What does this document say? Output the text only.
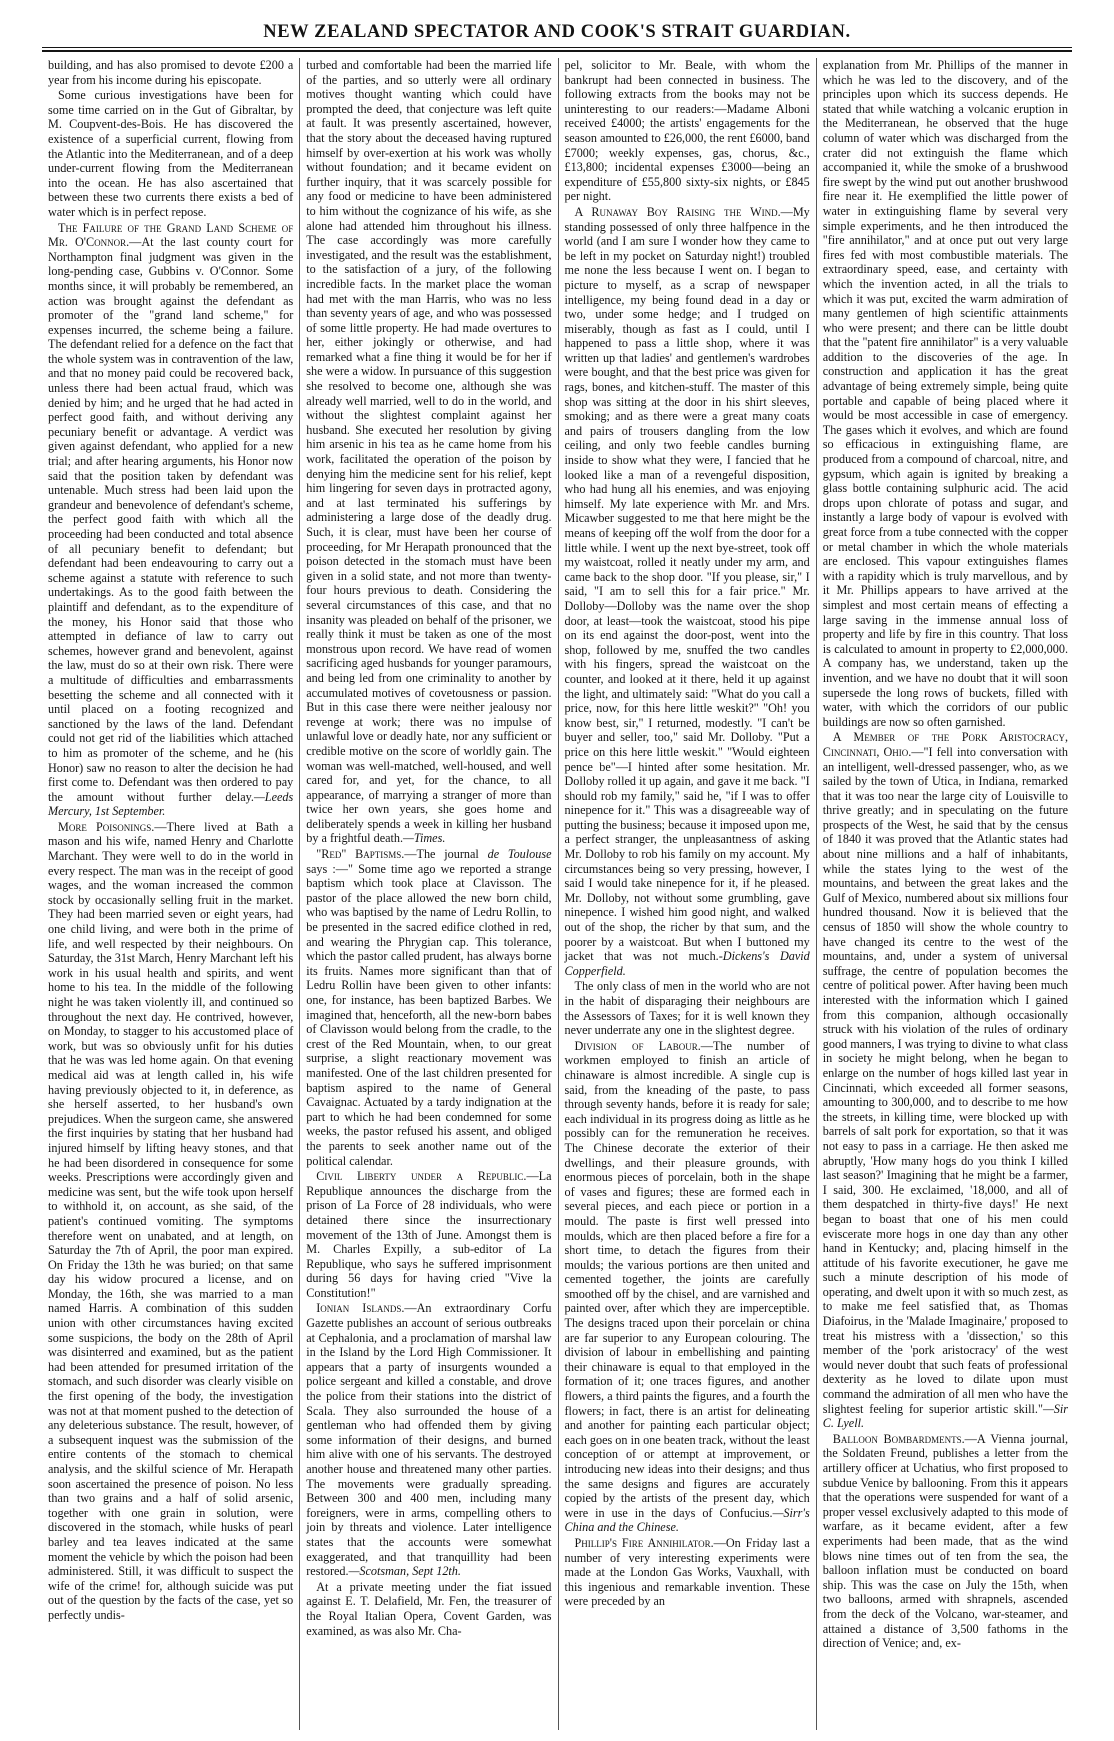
NEW ZEALAND SPECTATOR AND COOK'S STRAIT GUARDIAN.

building, and has also promised to devote £200 a year from his income during his episcopate.

Some curious investigations have been for some time carried on in the Gut of Gibraltar, by M. Coupvent-des-Bois. He has discovered the existence of a superficial current, flowing from the Atlantic into the Mediterranean, and of a deep under-current flowing from the Mediterranean into the ocean. He has also ascertained that between these two currents there exists a bed of water which is in perfect repose.

The Failure of the Grand Land Scheme of Mr. O'Connor.—At the last county court for Northampton final judgment was given in the long-pending case, Gubbins v. O'Connor. Some months since, it will probably be remembered, an action was brought against the defendant as promoter of the "grand land scheme," for expenses incurred, the scheme being a failure. The defendant relied for a defence on the fact that the whole system was in contravention of the law, and that no money paid could be recovered back, unless there had been actual fraud, which was denied by him; and he urged that he had acted in perfect good faith, and without deriving any pecuniary benefit or advantage. A verdict was given against defendant, who applied for a new trial; and after hearing arguments, his Honor now said that the position taken by defendant was untenable. Much stress had been laid upon the grandeur and benevolence of defendant's scheme, the perfect good faith with which all the proceeding had been conducted and total absence of all pecuniary benefit to defendant; but defendant had been endeavouring to carry out a scheme against a statute with reference to such undertakings. As to the good faith between the plaintiff and defendant, as to the expenditure of the money, his Honor said that those who attempted in defiance of law to carry out schemes, however grand and benevolent, against the law, must do so at their own risk. There were a multitude of difficulties and embarrassments besetting the scheme and all connected with it until placed on a footing recognized and sanctioned by the laws of the land. Defendant could not get rid of the liabilities which attached to him as promoter of the scheme, and he (his Honor) saw no reason to alter the decision he had first come to. Defendant was then ordered to pay the amount without further delay.—Leeds Mercury, 1st September.

More Poisonings.—There lived at Bath a mason and his wife, named Henry and Charlotte Marchant. They were well to do in the world in every respect. The man was in the receipt of good wages, and the woman increased the common stock by occasionally selling fruit in the market. They had been married seven or eight years, had one child living, and were both in the prime of life, and well respected by their neighbours. On Saturday, the 31st March, Henry Marchant left his work in his usual health and spirits, and went home to his tea. In the middle of the following night he was taken violently ill, and continued so throughout the next day. He contrived, however, on Monday, to stagger to his accustomed place of work, but was so obviously unfit for his duties that he was was led home again. On that evening medical aid was at length called in, his wife having previously objected to it, in deference, as she herself asserted, to her husband's own prejudices. When the surgeon came, she answered the first inquiries by stating that her husband had injured himself by lifting heavy stones, and that he had been disordered in consequence for some weeks. Prescriptions were accordingly given and medicine was sent, but the wife took upon herself to withhold it, on account, as she said, of the patient's continued vomiting. The symptoms therefore went on unabated, and at length, on Saturday the 7th of April, the poor man expired. On Friday the 13th he was buried; on that same day his widow procured a license, and on Monday, the 16th, she was married to a man named Harris. A combination of this sudden union with other circumstances having excited some suspicions, the body on the 28th of April was disinterred and examined, but as the patient had been attended for presumed irritation of the stomach, and such disorder was clearly visible on the first opening of the body, the investigation was not at that moment pushed to the detection of any deleterious substance. The result, however, of a subsequent inquest was the submission of the entire contents of the stomach to chemical analysis, and the skilful science of Mr. Herapath soon ascertained the presence of poison. No less than two grains and a half of solid arsenic, together with one grain in solution, were discovered in the stomach, while husks of pearl barley and tea leaves indicated at the same moment the vehicle by which the poison had been administered. Still, it was difficult to suspect the wife of the crime! for, although suicide was put out of the question by the facts of the case, yet so perfectly undis-

turbed and comfortable had been the married life of the parties, and so utterly were all ordinary motives thought wanting which could have prompted the deed, that conjecture was left quite at fault. It was presently ascertained, however, that the story about the deceased having ruptured himself by over-exertion at his work was wholly without foundation; and it became evident on further inquiry, that it was scarcely possible for any food or medicine to have been administered to him without the cognizance of his wife, as she alone had attended him throughout his illness. The case accordingly was more carefully investigated, and the result was the establishment, to the satisfaction of a jury, of the following incredible facts. In the market place the woman had met with the man Harris, who was no less than seventy years of age, and who was possessed of some little property. He had made overtures to her, either jokingly or otherwise, and had remarked what a fine thing it would be for her if she were a widow. In pursuance of this suggestion she resolved to become one, although she was already well married, well to do in the world, and without the slightest complaint against her husband. She executed her resolution by giving him arsenic in his tea as he came home from his work, facilitated the operation of the poison by denying him the medicine sent for his relief, kept him lingering for seven days in protracted agony, and at last terminated his sufferings by administering a large dose of the deadly drug. Such, it is clear, must have been her course of proceeding, for Mr Herapath pronounced that the poison detected in the stomach must have been given in a solid state, and not more than twenty-four hours previous to death. Considering the several circumstances of this case, and that no insanity was pleaded on behalf of the prisoner, we really think it must be taken as one of the most monstrous upon record. We have read of women sacrificing aged husbands for younger paramours, and being led from one criminality to another by accumulated motives of covetousness or passion. But in this case there were neither jealousy nor revenge at work; there was no impulse of unlawful love or deadly hate, nor any sufficient or credible motive on the score of worldly gain. The woman was well-matched, well-housed, and well cared for, and yet, for the chance, to all appearance, of marrying a stranger of more than twice her own years, she goes home and deliberately spends a week in killing her husband by a frightful death.—Times.

"Red" Baptisms.—The journal de Toulouse says :—" Some time ago we reported a strange baptism which took place at Clavisson. The pastor of the place allowed the new born child, who was baptised by the name of Ledru Rollin, to be presented in the sacred edifice clothed in red, and wearing the Phrygian cap. This tolerance, which the pastor called prudent, has always borne its fruits. Names more significant than that of Ledru Rollin have been given to other infants: one, for instance, has been baptized Barbes. We imagined that, henceforth, all the new-born babes of Clavisson would belong from the cradle, to the crest of the Red Mountain, when, to our great surprise, a slight reactionary movement was manifested. One of the last children presented for baptism aspired to the name of General Cavaignac. Actuated by a tardy indignation at the part to which he had been condemned for some weeks, the pastor refused his assent, and obliged the parents to seek another name out of the political calendar.

Civil Liberty under a Republic.—La Republique announces the discharge from the prison of La Force of 28 individuals, who were detained there since the insurrectionary movement of the 13th of June. Amongst them is M. Charles Expilly, a sub-editor of La Republique, who says he suffered imprisonment during 56 days for having cried "Vive la Constitution!"

Ionian Islands.—An extraordinary Corfu Gazette publishes an account of serious outbreaks at Cephalonia, and a proclamation of marshal law in the Island by the Lord High Commissioner. It appears that a party of insurgents wounded a police sergeant and killed a constable, and drove the police from their stations into the district of Scala. They also surrounded the house of a gentleman who had offended them by giving some information of their designs, and burned him alive with one of his servants. The destroyed another house and threatened many other parties. The movements were gradually spreading. Between 300 and 400 men, including many foreigners, were in arms, compelling others to join by threats and violence. Later intelligence states that the accounts were somewhat exaggerated, and that tranquillity had been restored.—Scotsman, Sept 12th.

At a private meeting under the fiat issued against E. T. Delafield, Mr. Fen, the treasurer of the Royal Italian Opera, Covent Garden, was examined, as was also Mr. Cha-

pel, solicitor to Mr. Beale, with whom the bankrupt had been connected in business. The following extracts from the books may not be uninteresting to our readers:—Madame Alboni received £4000; the artists' engagements for the season amounted to £26,000, the rent £6000, band £7000; weekly expenses, gas, chorus, &c., £13,800; incidental expenses £3000—being an expenditure of £55,800 sixty-six nights, or £845 per night.

A Runaway Boy Raising the Wind.—My standing possessed of only three halfpence in the world (and I am sure I wonder how they came to be left in my pocket on Saturday night!) troubled me none the less because I went on. I began to picture to myself, as a scrap of newspaper intelligence, my being found dead in a day or two, under some hedge; and I trudged on miserably, though as fast as I could, until I happened to pass a little shop, where it was written up that ladies' and gentlemen's wardrobes were bought, and that the best price was given for rags, bones, and kitchen-stuff. The master of this shop was sitting at the door in his shirt sleeves, smoking; and as there were a great many coats and pairs of trousers dangling from the low ceiling, and only two feeble candles burning inside to show what they were, I fancied that he looked like a man of a revengeful disposition, who had hung all his enemies, and was enjoying himself. My late experience with Mr. and Mrs. Micawber suggested to me that here might be the means of keeping off the wolf from the door for a little while. I went up the next bye-street, took off my waistcoat, rolled it neatly under my arm, and came back to the shop door. "If you please, sir," I said, "I am to sell this for a fair price." Mr. Dolloby—Dolloby was the name over the shop door, at least—took the waistcoat, stood his pipe on its end against the door-post, went into the shop, followed by me, snuffed the two candles with his fingers, spread the waistcoat on the counter, and looked at it there, held it up against the light, and ultimately said: "What do you call a price, now, for this here little weskit?" "Oh! you know best, sir," I returned, modestly. "I can't be buyer and seller, too," said Mr. Dolloby. "Put a price on this here little weskit." "Would eighteen pence be"—I hinted after some hesitation. Mr. Dolloby rolled it up again, and gave it me back. "I should rob my family," said he, "if I was to offer ninepence for it." This was a disagreeable way of putting the business; because it imposed upon me, a perfect stranger, the unpleasantness of asking Mr. Dolloby to rob his family on my account. My circumstances being so very pressing, however, I said I would take ninepence for it, if he pleased. Mr. Dolloby, not without some grumbling, gave ninepence. I wished him good night, and walked out of the shop, the richer by that sum, and the poorer by a waistcoat. But when I buttoned my jacket that was not much.-Dickens's David Copperfield.

The only class of men in the world who are not in the habit of disparaging their neighbours are the Assessors of Taxes; for it is well known they never underrate any one in the slightest degree.

Division of Labour.—The number of workmen employed to finish an article of chinaware is almost incredible. A single cup is said, from the kneading of the paste, to pass through seventy hands, before it is ready for sale; each individual in its progress doing as little as he possibly can for the remuneration he receives. The Chinese decorate the exterior of their dwellings, and their pleasure grounds, with enormous pieces of porcelain, both in the shape of vases and figures; these are formed each in several pieces, and each piece or portion in a mould. The paste is first well pressed into moulds, which are then placed before a fire for a short time, to detach the figures from their moulds; the various portions are then united and cemented together, the joints are carefully smoothed off by the chisel, and are varnished and painted over, after which they are imperceptible. The designs traced upon their porcelain or china are far superior to any European colouring. The division of labour in embellishing and painting their chinaware is equal to that employed in the formation of it; one traces figures, and another flowers, a third paints the figures, and a fourth the flowers; in fact, there is an artist for delineating and another for painting each particular object; each goes on in one beaten track, without the least conception of or attempt at improvement, or introducing new ideas into their designs; and thus the same designs and figures are accurately copied by the artists of the present day, which were in use in the days of Confucius.—Sirr's China and the Chinese.

Phillip's Fire Annihilator.—On Friday last a number of very interesting experiments were made at the London Gas Works, Vauxhall, with this ingenious and remarkable invention. These were preceded by an

explanation from Mr. Phillips of the manner in which he was led to the discovery, and of the principles upon which its success depends. He stated that while watching a volcanic eruption in the Mediterranean, he observed that the huge column of water which was discharged from the crater did not extinguish the flame which accompanied it, while the smoke of a brushwood fire swept by the wind put out another brushwood fire near it. He exemplified the little power of water in extinguishing flame by several very simple experiments, and he then introduced the "fire annihilator," and at once put out very large fires fed with most combustible materials. The extraordinary speed, ease, and certainty with which the invention acted, in all the trials to which it was put, excited the warm admiration of many gentlemen of high scientific attainments who were present; and there can be little doubt that the "patent fire annihilator" is a very valuable addition to the discoveries of the age. In construction and application it has the great advantage of being extremely simple, being quite portable and capable of being placed where it would be most accessible in case of emergency. The gases which it evolves, and which are found so efficacious in extinguishing flame, are produced from a compound of charcoal, nitre, and gypsum, which again is ignited by breaking a glass bottle containing sulphuric acid. The acid drops upon chlorate of potass and sugar, and instantly a large body of vapour is evolved with great force from a tube connected with the copper or metal chamber in which the whole materials are enclosed. This vapour extinguishes flames with a rapidity which is truly marvellous, and by it Mr. Phillips appears to have arrived at the simplest and most certain means of effecting a large saving in the immense annual loss of property and life by fire in this country. That loss is calculated to amount in property to £2,000,000. A company has, we understand, taken up the invention, and we have no doubt that it will soon supersede the long rows of buckets, filled with water, with which the corridors of our public buildings are now so often garnished.

A Member of the Pork Aristocracy, Cincinnati, Ohio.—"I fell into conversation with an intelligent, well-dressed passenger, who, as we sailed by the town of Utica, in Indiana, remarked that it was too near the large city of Louisville to thrive greatly; and in speculating on the future prospects of the West, he said that by the census of 1840 it was proved that the Atlantic states had about nine millions and a half of inhabitants, while the states lying to the west of the mountains, and between the great lakes and the Gulf of Mexico, numbered about six millions four hundred thousand. Now it is believed that the census of 1850 will show the whole country to have changed its centre to the west of the mountains, and, under a system of universal suffrage, the centre of population becomes the centre of political power. After having been much interested with the information which I gained from this companion, although occasionally struck with his violation of the rules of ordinary good manners, I was trying to divine to what class in society he might belong, when he began to enlarge on the number of hogs killed last year in Cincinnati, which exceeded all former seasons, amounting to 300,000, and to describe to me how the streets, in killing time, were blocked up with barrels of salt pork for exportation, so that it was not easy to pass in a carriage. He then asked me abruptly, 'How many hogs do you think I killed last season?' Imagining that he might be a farmer, I said, 300. He exclaimed, '18,000, and all of them despatched in thirty-five days!' He next began to boast that one of his men could eviscerate more hogs in one day than any other hand in Kentucky; and, placing himself in the attitude of his favorite executioner, he gave me such a minute description of his mode of operating, and dwelt upon it with so much zest, as to make me feel satisfied that, as Thomas Diafoirus, in the 'Malade Imaginaire,' proposed to treat his mistress with a 'dissection,' so this member of the 'pork aristocracy' of the west would never doubt that such feats of professional dexterity as he loved to dilate upon must command the admiration of all men who have the slightest feeling for superior artistic skill."—Sir C. Lyell.

Balloon Bombardments.—A Vienna journal, the Soldaten Freund, publishes a letter from the artillery officer at Uchatius, who first proposed to subdue Venice by ballooning. From this it appears that the operations were suspended for want of a proper vessel exclusively adapted to this mode of warfare, as it became evident, after a few experiments had been made, that as the wind blows nine times out of ten from the sea, the balloon inflation must be conducted on board ship. This was the case on July the 15th, when two balloons, armed with shrapnels, ascended from the deck of the Volcano, war-steamer, and attained a distance of 3,500 fathoms in the direction of Venice; and, ex-
